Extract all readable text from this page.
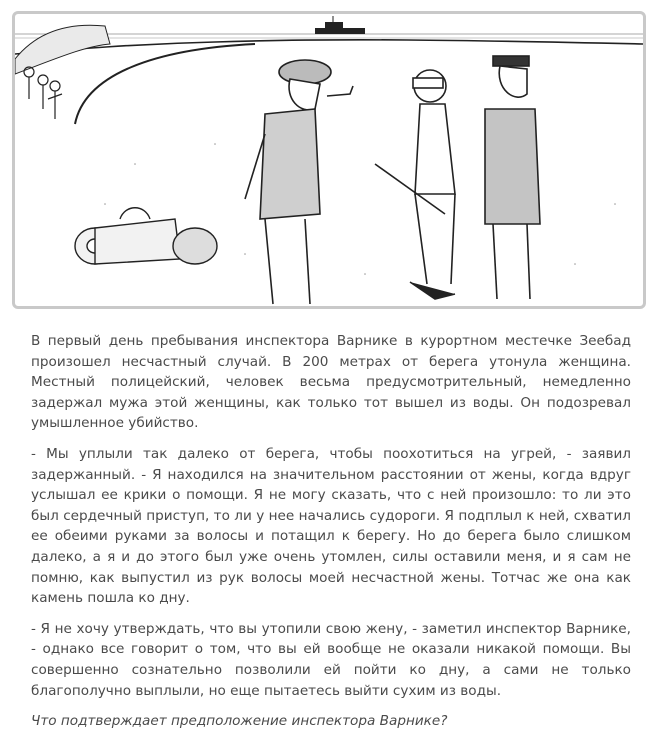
В первый день пребывания инспектора Варнике в курортном местечке Зеебад произошел несчастный случай. В 200 метрах от берега утонула женщина. Местный полицейский, человек весьма предусмотрительный, немедленно задержал мужа этой женщины, как только тот вышел из воды. Он подозревал умышленное убийство.

- Мы уплыли так далеко от берега, чтобы поохотиться на угрей, - заявил задержанный. - Я находился на значительном расстоянии от жены, когда вдруг услышал ее крики о помощи. Я не могу сказать, что с ней произошло: то ли это был сердечный приступ, то ли у нее начались судороги. Я подплыл к ней, схватил ее обеими руками за волосы и потащил к берегу. Но до берега было слишком далеко, а я и до этого был уже очень утомлен, силы оставили меня, и я сам не помню, как выпустил из рук волосы моей несчастной жены. Тотчас же она как камень пошла ко дну.

- Я не хочу утверждать, что вы утопили свою жену, - заметил инспектор Варнике, - однако все говорит о том, что вы ей вообще не оказали никакой помощи. Вы совершенно сознательно позволили ей пойти ко дну, а сами не только благополучно выплыли, но еще пытаетесь выйти сухим из воды.

Что подтверждает предположение инспектора Варнике?
